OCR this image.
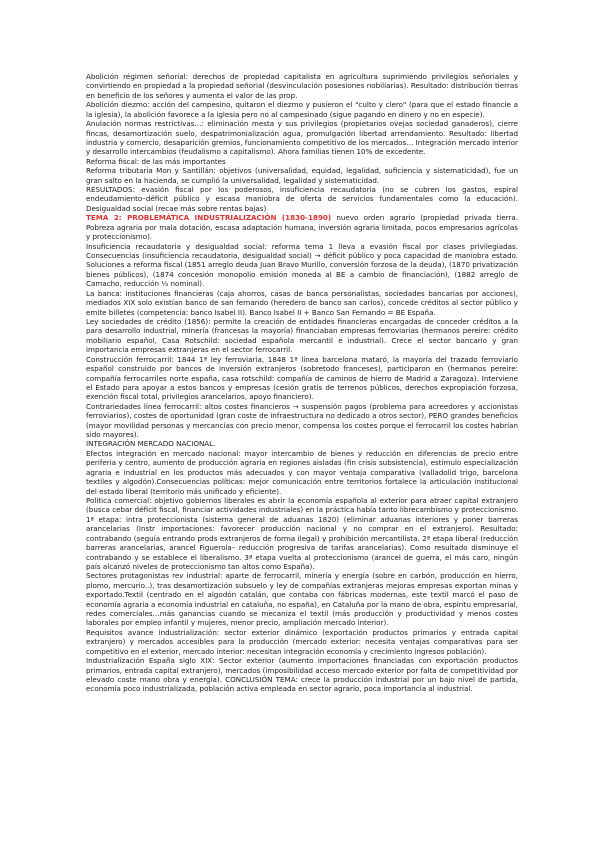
Abolición régimen señorial: derechos de propiedad capitalista en agricultura suprimiendo privilegios señoriales y convirtiendo en propiedad a la propiedad señorial (desvinculación posesiones nobiliarias). Resultado: distribución tierras en beneficio de los señores y aumenta el valor de las prop.

Abolición diezmo: acción del campesino, quitaron el diezmo y pusieron el "culto y clero" (para que el estado financie a la iglesia), la abolición favorece a la iglesia pero no al campesinado (sigue pagando en dinero y no en especie).

Anulación normas restrictivas…: eliminación mesta y sus privilegios (propietarios ovejas sociedad ganaderos), cierre fincas, desamortización suelo, despatrimonialización agua, promulgación libertad arrendamiento. Resultado: libertad industria y comercio, desaparición gremios, funcionamiento competitivo de los mercados… Integración mercado interior y desarrollo intercambios (feudalismo a capitalismo). Ahora familias tienen 10% de excedente.

Reforma fiscal: de las más importantes

Reforma tributaria Mon y Santillán: objetivos (universalidad, equidad, legalidad, suficiencia y sistematicidad), fue un gran salto en la hacienda, se cumplió la universalidad, legalidad y sistematicidad.

RESULTADOS: evasión fiscal por los poderosos, insuficiencia recaudatoria (no se cubren los gastos, espiral endeudamiento–déficit público y escasa maniobra de oferta de servicios fundamentales como la educación). Desigualdad social (recae más sobre rentas bajas)

TEMA 2: PROBLEMÁTICA INDUSTRIALIZACIÓN (1830-1890) nuevo orden agrario (propiedad privada tierra. Pobreza agraria por mala dotación, escasa adaptación humana, inversión agraria limitada, pocos empresarios agrícolas y proteccionismo).

Insuficiencia recaudatoria y desigualdad social: reforma tema 1 lleva a evasión fiscal por clases privilegiadas. Consecuencias (insuficiencia recaudatoria, desigualdad social) → déficit público y poca capacidad de maniobra estado. Soluciones a reforma fiscal (1851 arreglo deuda Juan Bravo Murillo, conversión forzosa de la deuda), (1870 privatización bienes públicos), (1874 concesión monopolio emisión moneda al BE a cambio de financiación), (1882 arreglo de Camacho, reducción ⅓ nominal).

La banca: instituciones financieras (caja ahorros, casas de banca personalistas, sociedades bancarias por acciones), mediados XIX solo existían banco de san fernando (heredero de banco san carlos), concede créditos al sector público y emite billetes (competencia: banco Isabel II). Banco Isabel II + Banco San Fernando = BE España.

Ley sociedades de crédito (1856): permite la creación de entidades financieras encargadas de conceder créditos a la para desarrollo industrial, minería (francesas la mayoría) financiaban empresas ferroviarias (hermanos pereire: crédito mobiliario español, Casa Rotschild: sociedad española mercantil e industrial). Crece el sector bancario y gran importancia empresas extranjeras en el sector ferrocarril.

Construcción ferrocarril: 1844 1ª ley ferroviaria, 1848 1ª línea barcelona mataró, la mayoría del trazado ferroviario español construido por bancos de inversión extranjeros (sobretodo franceses), participaron en (hermanos pereire: compañía ferrocarriles norte españa, casa rotschild: compañía de caminos de hierro de Madrid a Zaragoza). Interviene el Estado para apoyar a estos bancos y empresas (cesión gratis de terrenos públicos, derechos expropiación forzosa, exención fiscal total, privilegios arancelarios, apoyo financiero).

Contrariedades línea ferrocarril: altos costes financieros → suspensión pagos (problema para acreedores y accionistas ferroviarios), costes de oportunidad (gran coste de infraestructura no dedicado a otros sector), PERO grandes beneficios (mayor movilidad personas y mercancías con precio menor, compensa los costes porque el ferrocarril los costes habrían sido mayores).

INTEGRACIÓN MERCADO NACIONAL.

Efectos integración en mercado nacional: mayor intercambio de bienes y reducción en diferencias de precio entre periferia y centro, aumento de producción agraria en regiones aisladas (fin crisis subsistencia), estímulo especialización agraria e industrial en los productos más adecuados y con mayor ventaja comparativa (valladolid trigo, barcelona textiles y algodón).Consecuencias políticas: mejor comunicación entre territorios fortalece la articulación institucional del estado liberal (territorio más unificado y eficiente).

Política comercial: objetivo gobiernos liberales es abrir la economía española al exterior para atraer capital extranjero (busca cebar déficit fiscal, financiar actividades industriales) en la práctica había tanto librecambismo y proteccionismo. 1ª etapa: intra proteccionista (sistema general de aduanas 1820) (eliminar aduanas interiores y poner barreras arancelarias (Instr importaciones: favorecer producción nacional y no comprar en el extranjero). Resultado: contrabando (seguía entrando prods extranjeros de forma ilegal) y prohibición mercantilista. 2ª etapa liberal (reducción barreras arancelarias, arancel Figuerola– reducción progresiva de tarifas arancelarias). Como resultado disminuye el contrabando y se establece el liberalismo. 3ª etapa vuelta al proteccionismo (arancel de guerra, el más caro, ningún país alcanzó niveles de proteccionismo tan altos como España).

Sectores protagonistas rev industrial: aparte de ferrocarril, minería y energía (sobre en carbón, producción en hierro, plomo, mercurio..), tras desamortización subsuelo y ley de compañías extranjeras mejoras empresas exportan minas y exportado.Textil (centrado en el algodón catalán, que contaba con fábricas modernas, este textil marcó el paso de economía agraria a economía industrial en cataluña, no españa), en Cataluña por la mano de obra, espíritu empresarial, redes comerciales…más ganancias cuando se mecaniza el textil (más producción y productividad y menos costes laborales por empleo infantil y mujeres, menor precio, ampliación mercado interior).

Requisitos avance industrialización: sector exterior dinámico (exportación productos primarios y entrada capital extranjero) y mercados accesibles para la producción (mercado exterior: necesita ventajas comparativas para ser competitivo en el exterior, mercado interior: necesitan integración economía y crecimiento ingresos población).

Industrialización España siglo XIX: Sector exterior (aumento importaciones financiadas con exportación productos primarios, entrada capital extranjero), mercados (imposibilidad acceso mercado exterior por falta de competitividad por elevado coste mano obra y energía). CONCLUSIÓN TEMA: crece la producción industrial por un bajo nivel de partida, economía poco industrializada, población activa empleada en sector agrario, poca importancia al industrial.
